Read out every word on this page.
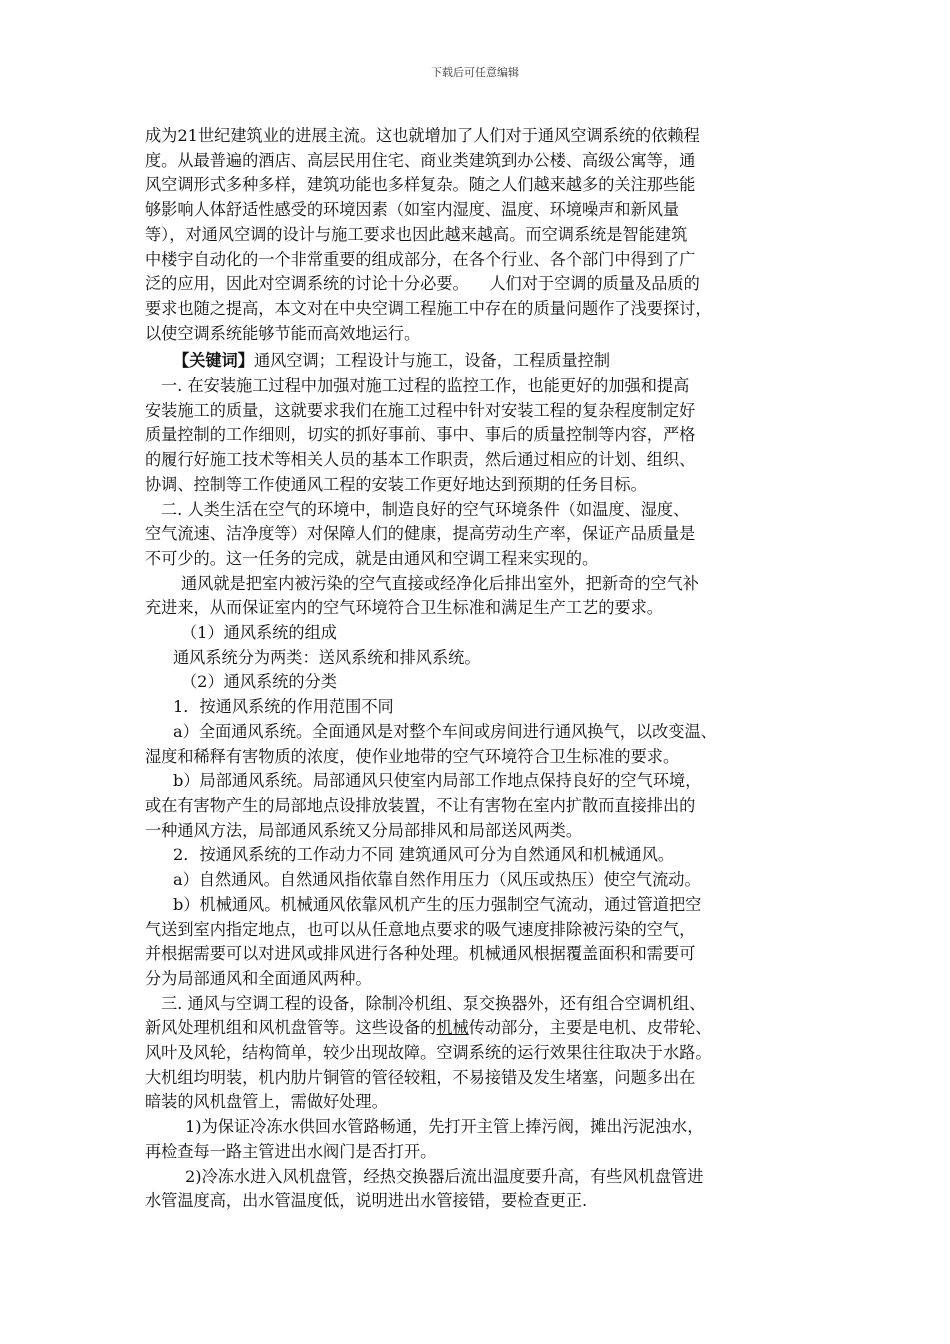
下载后可任意编辑

成为21世纪建筑业的进展主流。这也就增加了人们对于通风空调系统的依赖程

度。从最普遍的酒店、高层民用住宅、商业类建筑到办公楼、高级公寓等，通

风空调形式多种多样，建筑功能也多样复杂。随之人们越来越多的关注那些能

够影响人体舒适性感受的环境因素（如室内湿度、温度、环境噪声和新风量

等），对通风空调的设计与施工要求也因此越来越高。而空调系统是智能建筑

中楼宇自动化的一个非常重要的组成部分，在各个行业、各个部门中得到了广

泛的应用，因此对空调系统的讨论十分必要。    人们对于空调的质量及品质的

要求也随之提高，本文对在中央空调工程施工中存在的质量问题作了浅要探讨，

以使空调系统能够节能而高效地运行。

【关键词】通风空调；工程设计与施工，设备，工程质量控制

一. 在安装施工过程中加强对施工过程的监控工作，也能更好的加强和提高

安装施工的质量，这就要求我们在施工过程中针对安装工程的复杂程度制定好

质量控制的工作细则，切实的抓好事前、事中、事后的质量控制等内容，严格

的履行好施工技术等相关人员的基本工作职责，然后通过相应的计划、组织、

协调、控制等工作使通风工程的安装工作更好地达到预期的任务目标。

二. 人类生活在空气的环境中，制造良好的空气环境条件（如温度、湿度、

空气流速、洁净度等）对保障人们的健康，提高劳动生产率，保证产品质量是

不可少的。这一任务的完成，就是由通风和空调工程来实现的。

通风就是把室内被污染的空气直接或经净化后排出室外，把新奇的空气补

充进来，从而保证室内的空气环境符合卫生标准和满足生产工艺的要求。

（1）通风系统的组成

通风系统分为两类：送风系统和排风系统。

（2）通风系统的分类

1．按通风系统的作用范围不同

a）全面通风系统。全面通风是对整个车间或房间进行通风换气，以改变温、

湿度和稀释有害物质的浓度，使作业地带的空气环境符合卫生标准的要求。

b）局部通风系统。局部通风只使室内局部工作地点保持良好的空气环境，

或在有害物产生的局部地点设排放装置，不让有害物在室内扩散而直接排出的

一种通风方法，局部通风系统又分局部排风和局部送风两类。

2．按通风系统的工作动力不同 建筑通风可分为自然通风和机械通风。

a）自然通风。自然通风指依靠自然作用压力（风压或热压）使空气流动。

b）机械通风。机械通风依靠风机产生的压力强制空气流动，通过管道把空

气送到室内指定地点，也可以从任意地点要求的吸气速度排除被污染的空气，

并根据需要可以对进风或排风进行各种处理。机械通风根据覆盖面积和需要可

分为局部通风和全面通风两种。

三. 通风与空调工程的设备，除制冷机组、泵交换器外，还有组合空调机组、

新风处理机组和风机盘管等。这些设备的机械传动部分，主要是电机、皮带轮、

风叶及风轮，结构简单，较少出现故障。空调系统的运行效果往往取决于水路。

大机组均明装，机内肋片铜管的管径较粗，不易接错及发生堵塞，问题多出在

暗装的风机盘管上，需做好处理。

1)为保证冷冻水供回水管路畅通，先打开主管上捧污阀，摊出污泥浊水，

再检查每一路主管进出水阀门是否打开。

2)冷冻水进入风机盘管，经热交换器后流出温度要升高，有些风机盘管进

水管温度高，出水管温度低，说明进出水管接错，要检查更正.
